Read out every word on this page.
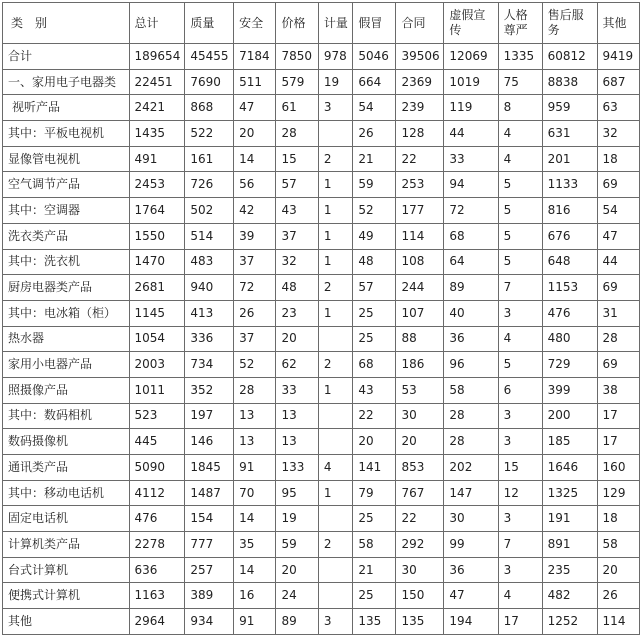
类　别	总计	质量	安全	价格	计量	假冒	合同	虚假宣传	人格尊严	售后服务	其他
合计	189654	45455	7184	7850	978	5046	39506	12069	1335	60812	9419
一、家用电子电器类	22451	7690	511	579	19	664	2369	1019	75	8838	687
视听产品	2421	868	47	61	3	54	239	119	8	959	63
其中：平板电视机	1435	522	20	28		26	128	44	4	631	32
显像管电视机	491	161	14	15	2	21	22	33	4	201	18
空气调节产品	2453	726	56	57	1	59	253	94	5	1133	69
其中：空调器	1764	502	42	43	1	52	177	72	5	816	54
洗衣类产品	1550	514	39	37	1	49	114	68	5	676	47
其中：洗衣机	1470	483	37	32	1	48	108	64	5	648	44
厨房电器类产品	2681	940	72	48	2	57	244	89	7	1153	69
其中：电冰箱（柜）	1145	413	26	23	1	25	107	40	3	476	31
热水器	1054	336	37	20		25	88	36	4	480	28
家用小电器产品	2003	734	52	62	2	68	186	96	5	729	69
照摄像产品	1011	352	28	33	1	43	53	58	6	399	38
其中：数码相机	523	197	13	13		22	30	28	3	200	17
数码摄像机	445	146	13	13		20	20	28	3	185	17
通讯类产品	5090	1845	91	133	4	141	853	202	15	1646	160
其中：移动电话机	4112	1487	70	95	1	79	767	147	12	1325	129
固定电话机	476	154	14	19		25	22	30	3	191	18
计算机类产品	2278	777	35	59	2	58	292	99	7	891	58
台式计算机	636	257	14	20		21	30	36	3	235	20
便携式计算机	1163	389	16	24		25	150	47	4	482	26
其他	2964	934	91	89	3	135	135	194	17	1252	114
